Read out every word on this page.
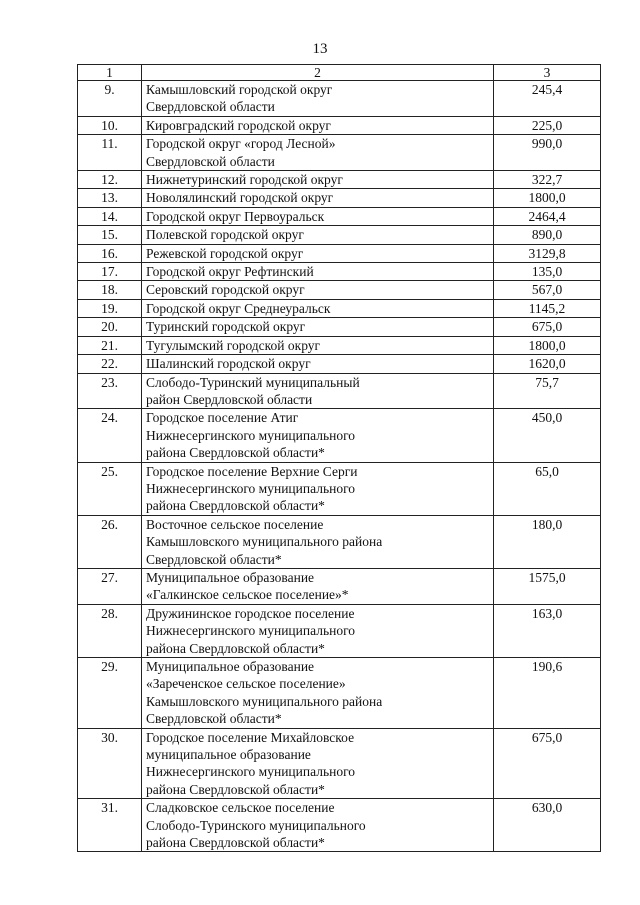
13
1	2	3
9.	Камышловский городской округ
Свердловской области	245,4
10.	Кировградский городской округ	225,0
11.	Городской округ «город Лесной»
Свердловской области	990,0
12.	Нижнетуринский городской округ	322,7
13.	Новолялинский городской округ	1800,0
14.	Городской округ Первоуральск	2464,4
15.	Полевской городской округ	890,0
16.	Режевской городской округ	3129,8
17.	Городской округ Рефтинский	135,0
18.	Серовский городской округ	567,0
19.	Городской округ Среднеуральск	1145,2
20.	Туринский городской округ	675,0
21.	Тугулымский городской округ	1800,0
22.	Шалинский городской округ	1620,0
23.	Слободо-Туринский муниципальный
район Свердловской области	75,7
24.	Городское поселение Атиг
Нижнесергинского муниципального
района Свердловской области*	450,0
25.	Городское поселение Верхние Серги
Нижнесергинского муниципального
района Свердловской области*	65,0
26.	Восточное сельское поселение
Камышловского муниципального района
Свердловской области*	180,0
27.	Муниципальное образование
«Галкинское сельское поселение»*	1575,0
28.	Дружининское городское поселение
Нижнесергинского муниципального
района Свердловской области*	163,0
29.	Муниципальное образование
«Зареченское сельское поселение»
Камышловского муниципального района
Свердловской области*	190,6
30.	Городское поселение Михайловское
муниципальное образование
Нижнесергинского муниципального
района Свердловской области*	675,0
31.	Сладковское сельское поселение
Слободо-Туринского муниципального
района Свердловской области*	630,0
